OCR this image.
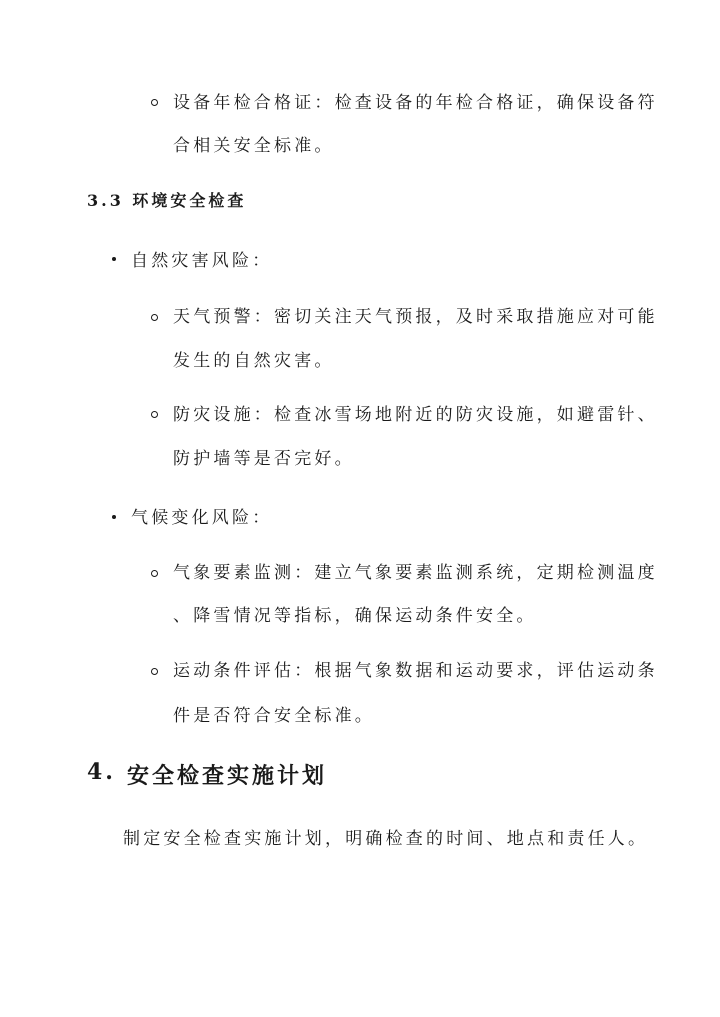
设备年检合格证：检查设备的年检合格证，确保设备符
合相关安全标准。
3.3 环境安全检查
自然灾害风险：
天气预警：密切关注天气预报，及时采取措施应对可能
发生的自然灾害。
防灾设施：检查冰雪场地附近的防灾设施，如避雷针、
防护墙等是否完好。
气候变化风险：
气象要素监测：建立气象要素监测系统，定期检测温度
、降雪情况等指标，确保运动条件安全。
运动条件评估：根据气象数据和运动要求，评估运动条
件是否符合安全标准。
4. 安全检查实施计划
制定安全检查实施计划，明确检查的时间、地点和责任人。
